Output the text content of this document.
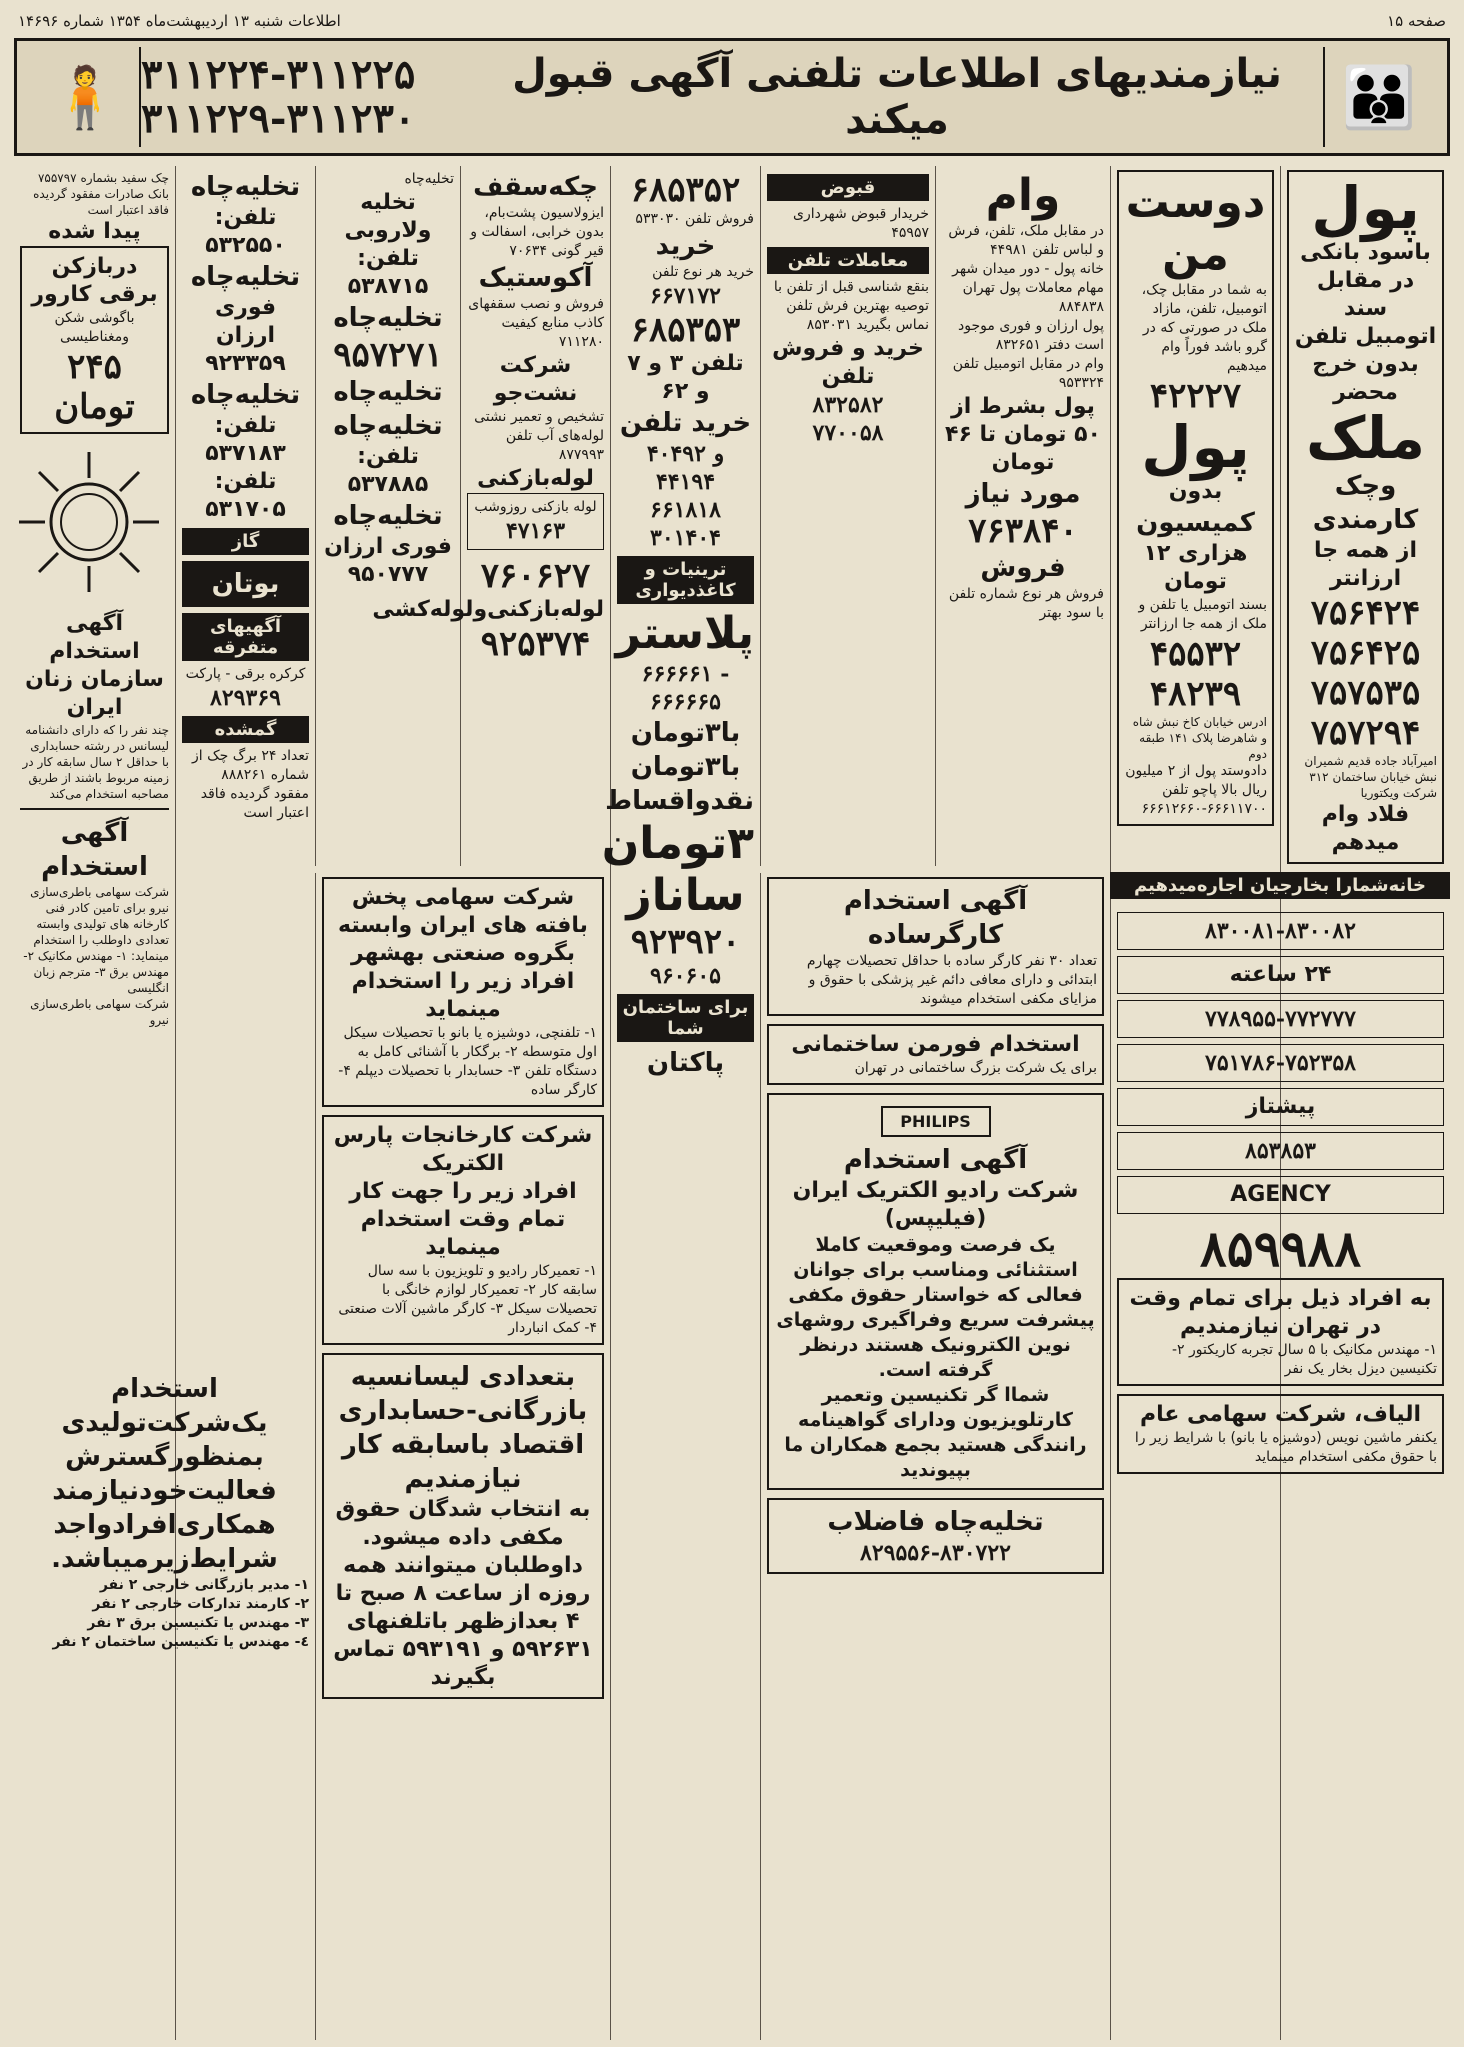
صفحه ۱۵
اطلاعات شنبه ۱۳ اردیبهشت‌ماه ۱۳۵۴ شماره ۱۴۶۹۶
👪
نیازمندیهای اطلاعات تلفنی آگهی قبول میکند
۳۱۱۲۲۴-۳۱۱۲۲۵
۳۱۱۲۲۹-۳۱۱۲۳۰
🧍
پول
باسود بانکی
در مقابل سند
اتومبیل تلفن
بدون خرج محضر
ملک
وچک
کارمندی
از همه جا ارزانتر
۷۵۶۴۲۴
۷۵۶۴۲۵
۷۵۷۵۳۵
۷۵۷۲۹۴
امیرآباد جاده قدیم شمیران نبش خیابان ساختمان ۳۱۲ شرکت ویکتوریا
فلاد وام میدهم
دوست
من
به شما در مقابل چک، اتومبیل، تلفن، مازاد ملک در صورتی که در گرو باشد فوراً وام میدهیم
۴۲۲۲۷
پول
بدون
کمیسیون
هزاری ۱۲ تومان
بسند اتومبیل یا تلفن و ملک از همه جا ارزانتر
۴۵۵۳۲
۴۸۲۳۹
ادرس خیابان کاخ نبش شاه و شاهرضا پلاک ۱۴۱ طبقه دوم
دادوستد پول از ۲ میلیون ریال بالا پاچو تلفن ۶۶۶۱۱۷۰۰-۶۶۶۱۲۶۶۰
خانه‌شمارا بخارجیان اجاره‌میدهیم
۸۳۰۰۸۱-۸۳۰۰۸۲
۲۴ ساعته
۷۷۸۹۵۵-۷۷۲۷۷۷
۷۵۱۷۸۶-۷۵۲۳۵۸
پیشتاز
۸۵۳۸۵۳
AGENCY
۸۵۹۹۸۸
به افراد ذیل برای تمام وقت در تهران نیازمندیم
۱- مهندس مکانیک با ۵ سال تجربه کاریکتور ۲- تکنیسین دیزل بخار یک نفر
الیاف، شرکت سهامی عام
یکنفر ماشین نویس (دوشیزه یا بانو) با شرایط زیر را با حقوق مکفی استخدام مینماید
وام
در مقابل ملک، تلفن، فرش و لباس تلفن ۴۴۹۸۱
خانه پول - دور میدان شهر مهام معاملات پول تهران ۸۸۴۸۳۸
پول ارزان و فوری موجود است دفتر ۸۳۲۶۵۱
وام در مقابل اتومبیل تلفن ۹۵۳۳۲۴
پول بشرط از ۵۰ تومان تا ۴۶ تومان
مورد نیاز
۷۶۳۸۴۰
فروش
فروش هر نوع شماره تلفن با سود بهتر
قبوض
خریدار قبوض شهرداری ۴۵۹۵۷
معاملات تلفن
بنقع شناسی قبل از تلفن با توصیه بهترین فرش تلفن نماس بگیرید ۸۵۳۰۳۱
خرید و فروش تلفن
۸۳۲۵۸۲
۷۷۰۰۵۸
آگهی استخدام
کارگرساده
تعداد ۳۰ نفر کارگر ساده با حداقل تحصیلات چهارم ابتدائی و دارای معافی دائم غیر پزشکی با حقوق و مزایای مکفی استخدام میشوند
استخدام فورمن ساختمانی
برای یک شرکت بزرگ ساختمانی در تهران
PHILIPS
آگهی استخدام
شرکت رادیو الکتریک ایران (فیلیپس)
یک فرصت وموقعیت کاملا استثنائی ومناسب برای جوانان فعالی که خواستار حقوق مکفی پیشرفت سریع وفراگیری روشهای نوین الکترونیک هستند درنظر گرفته است.
شماا گر تکنیسین وتعمیر کارتلویزیون ودارای گواهینامه رانندگی هستید بجمع همکاران ما بپیوندید
تخلیه‌چاه فاضلاب
۸۲۹۵۵۶-۸۳۰۷۲۲
۶۸۵۳۵۲
فروش تلفن ۵۳۳۰۳۰
خرید
خرید هر نوع تلفن
۶۶۷۱۷۲
۶۸۵۳۵۳
تلفن ۳ و ۷ و ۶۲
خرید تلفن
۴۰۴۹۲ و ۴۴۱۹۴
۶۶۱۸۱۸
۳۰۱۴۰۴
ترینیات و کاغذدیواری
پلاستر
۶۶۶۶۶۱ - ۶۶۶۶۶۵
با۳تومان
با۳تومان
نقدواقساط
۳تومان
ساناز
۹۲۳۹۲۰
۹۶۰۶۰۵
برای ساختمان شما
پاکتان
چکه‌سقف
ایزولاسیون پشت‌بام، بدون خرابی، اسفالت و قیر گونی ۷۰۶۳۴
آکوستیک
فروش و نصب سقفهای کاذب منابع کیفیت ۷۱۱۲۸۰
شرکت نشت‌جو
تشخیص و تعمیر نشتی لوله‌های آب تلفن ۸۷۷۹۹۳
لوله‌بازکنی
لوله بازکنی روزوشب
۴۷۱۶۳
۷۶۰۶۲۷
لوله‌بازکنی‌ولوله‌کشی
۹۲۵۳۷۴
تخلیه‌چاه
تخلیه ولاروبی
تلفن: ۵۳۸۷۱۵
تخلیه‌چاه
۹۵۷۲۷۱
تخلیه‌چاه
تخلیه‌چاه
تلفن: ۵۳۷۸۸۵
تخلیه‌چاه
فوری ارزان ۹۵۰۷۷۷
شرکت سهامی پخش بافته های ایران وابسته بگروه صنعتی بهشهر افراد زیر را استخدام مینماید
۱- تلفنچی، دوشیزه یا بانو با تحصیلات سیکل اول متوسطه ۲- برگکار با آشنائی کامل به دستگاه تلفن ۳- حسابدار با تحصیلات دیپلم ۴- کارگر ساده
شرکت کارخانجات پارس الکتریک
افراد زیر را جهت کار تمام وقت استخدام مینماید
۱- تعمیرکار رادیو و تلویزیون با سه سال سابقه کار ۲- تعمیرکار لوازم خانگی با تحصیلات سیکل ۳- کارگر ماشین آلات صنعتی ۴- کمک انباردار
بتعدادی لیسانسیه بازرگانی-حسابداری اقتصاد باسابقه کار نیازمندیم
به انتخاب شدگان حقوق مکفی داده میشود. داوطلبان میتوانند همه روزه از ساعت ۸ صبح تا ۴ بعدازظهر باتلفنهای ۵۹۲۶۳۱ و ۵۹۳۱۹۱ تماس بگیرند
تخلیه‌چاه
تلفن: ۵۳۲۵۵۰
تخلیه‌چاه
فوری ارزان ۹۲۳۳۵۹
تخلیه‌چاه
تلفن: ۵۳۷۱۸۳
تلفن: ۵۳۱۷۰۵
گاز
بوتان
آگهیهای متفرقه
کرکره برقی - پارکت
۸۲۹۳۶۹
گمشده
تعداد ۲۴ برگ چک از شماره ۸۸۸۲۶۱ مفقود گردیده فاقد اعتبار است
چک سفید بشماره ۷۵۵۷۹۷ بانک صادرات مفقود گردیده فاقد اعتبار است
پیدا شده
دربازکن برقی کارور
باگوشی شکن ومغناطیسی
۲۴۵ تومان
آگهی استخدام
سازمان زنان ایران
چند نفر را که دارای دانشنامه لیسانس در رشته حسابداری با حداقل ۲ سال سابقه کار در زمینه مربوط باشند از طریق مصاحبه استخدام می‌کند
آگهی استخدام
شرکت سهامی باطری‌سازی نیرو برای تامین کادر فنی کارخانه های تولیدی وابسته تعدادی داوطلب را استخدام مینماید: ۱- مهندس مکانیک ۲- مهندس برق ۳- مترجم زبان انگلیسی
شرکت سهامی باطری‌سازی نیرو
استخدام
یک‌شرکت‌تولیدی
بمنظورگسترش
فعالیت‌خودنیازمند
همکاری‌افرادواجد
شرایط‌زیرمیباشد.
۱- مدیر بازرگانی خارجی ۲ نفر
۲- کارمند تدارکات خارجی ۲ نفر
۳- مهندس یا تکنیسین برق ۳ نفر
٤- مهندس یا تکنیسین ساختمان ۲ نفر
